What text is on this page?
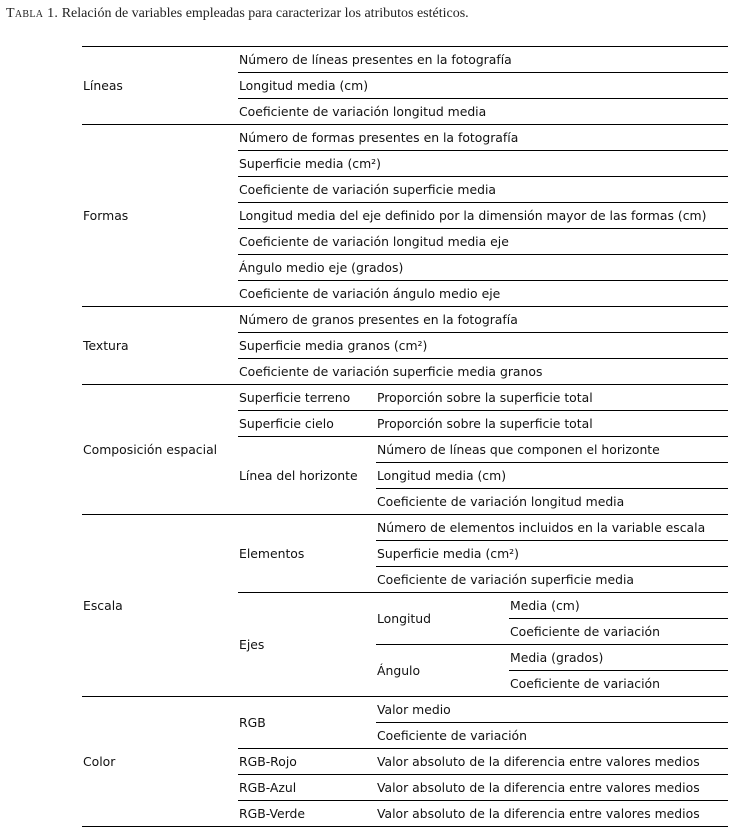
Tabla 1. Relación de variables empleadas para caracterizar los atributos estéticos.
Líneas	Número de líneas presentes en la fotografía		
	Longitud media (cm)		
	Coeficiente de variación longitud media		
Formas	Número de formas presentes en la fotografía		
	Superficie media (cm²)		
	Coeficiente de variación superficie media		
	Longitud media del eje definido por la dimensión mayor de las formas (cm)		
	Coeficiente de variación longitud media eje		
	Ángulo medio eje (grados)		
	Coeficiente de variación ángulo medio eje		
Textura	Número de granos presentes en la fotografía		
	Superficie media granos (cm²)		
	Coeficiente de variación superficie media granos		
Composición espacial	Superficie terreno	Proporción sobre la superficie total	
	Superficie cielo	Proporción sobre la superficie total	
	Línea del horizonte	Número de líneas que componen el horizonte	
		Longitud media (cm)	
		Coeficiente de variación longitud media	
Escala	Elementos	Número de elementos incluidos en la variable escala	
		Superficie media (cm²)	
		Coeficiente de variación superficie media	
	Ejes	Longitud	Media (cm)
			Coeficiente de variación
		Ángulo	Media (grados)
			Coeficiente de variación
Color	RGB	Valor medio	
		Coeficiente de variación	
	RGB-Rojo	Valor absoluto de la diferencia entre valores medios	
	RGB-Azul	Valor absoluto de la diferencia entre valores medios	
	RGB-Verde	Valor absoluto de la diferencia entre valores medios	
